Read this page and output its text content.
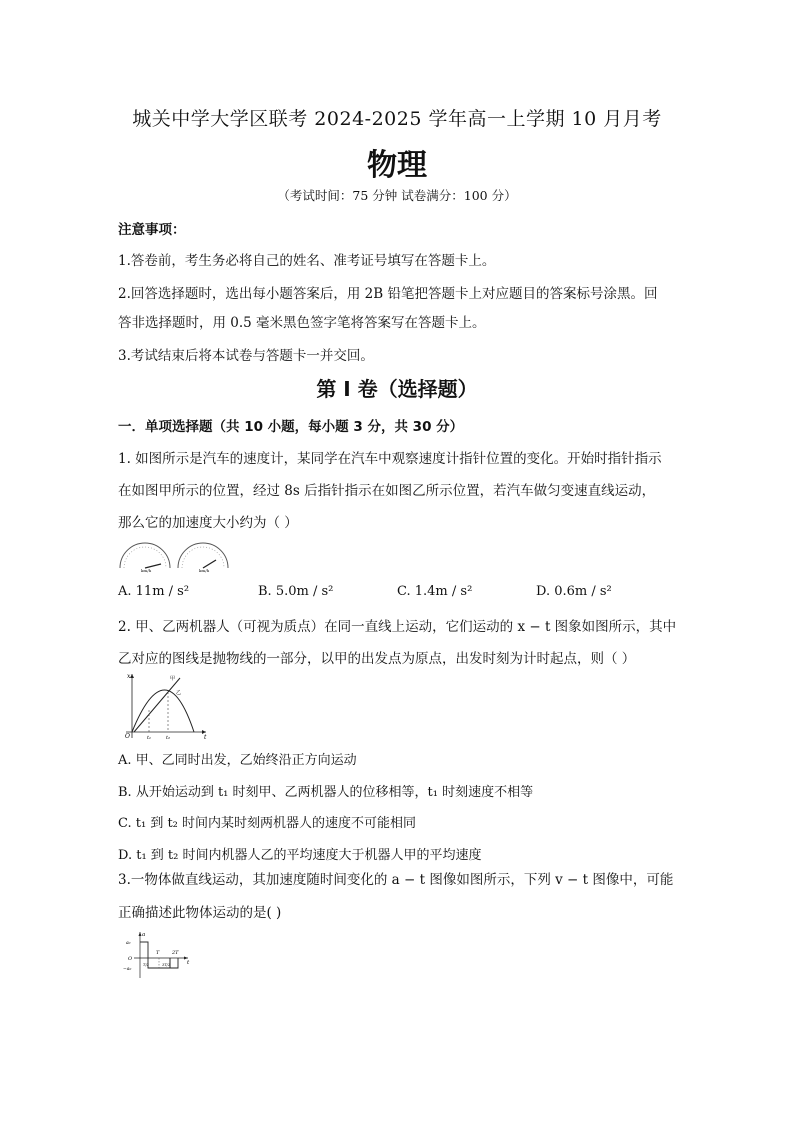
城关中学大学区联考 2024-2025 学年高一上学期 10 月月考
物理
（考试时间：75 分钟 试卷满分：100 分）
注意事项：
1.答卷前，考生务必将自己的姓名、准考证号填写在答题卡上。
2.回答选择题时，选出每小题答案后，用 2B 铅笔把答题卡上对应题目的答案标号涂黑。回
答非选择题时，用 0.5 毫米黑色签字笔将答案写在答题卡上。
3.考试结束后将本试卷与答题卡一并交回。
第 I 卷（选择题）
一．单项选择题（共 10 小题，每小题 3 分，共 30 分）
1. 如图所示是汽车的速度计，某同学在汽车中观察速度计指针位置的变化。开始时指针指示
在如图甲所示的位置，经过 8s 后指针指示在如图乙所示位置，若汽车做匀变速直线运动，
那么它的加速度大小约为（ ）
km/h	km/h
A. 11m / s²	B. 5.0m / s²	C. 1.4m / s²	D. 0.6m / s²
2. 甲、乙两机器人（可视为质点）在同一直线上运动，它们运动的 x − t 图象如图所示，其中
乙对应的图线是抛物线的一部分，以甲的出发点为原点，出发时刻为计时起点，则（ ）
x
t
O
甲
乙
t₁	t₂
A. 甲、乙同时出发，乙始终沿正方向运动
B. 从开始运动到 t₁ 时刻甲、乙两机器人的位移相等，t₁ 时刻速度不相等
C. t₁ 到 t₂ 时间内某时刻两机器人的速度不可能相同
D. t₁ 到 t₂ 时间内机器人乙的平均速度大于机器人甲的平均速度
3.一物体做直线运动，其加速度随时间变化的 a − t 图像如图所示，下列 v − t 图像中，可能
正确描述此物体运动的是( )
a
a₀
O
−a₀
T	2T
t
T/2	3T/2
